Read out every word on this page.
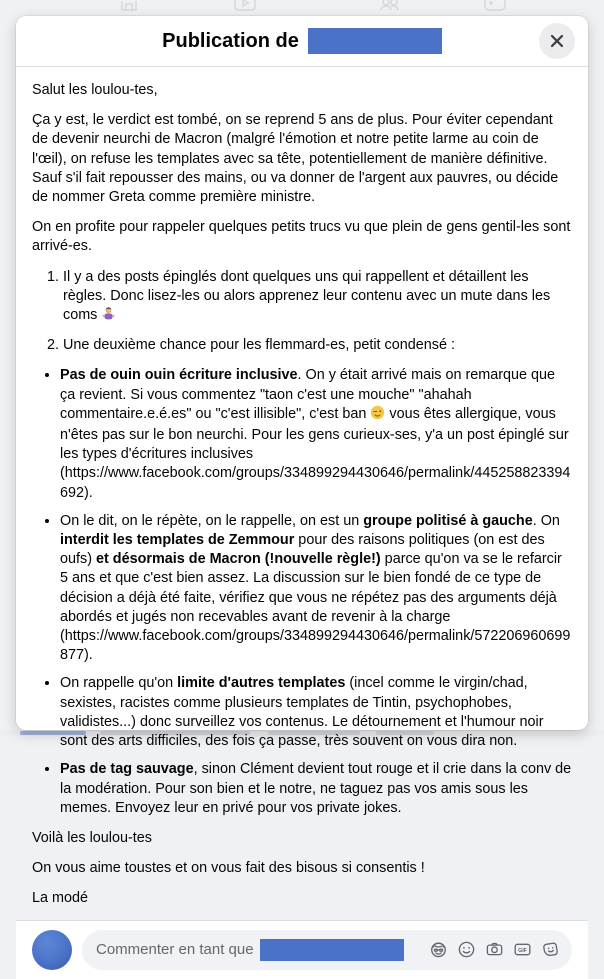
Publication de

Salut les loulou-tes,

Ça y est, le verdict est tombé, on se reprend 5 ans de plus. Pour éviter cependant de devenir neurchi de Macron (malgré l'émotion et notre petite larme au coin de l'œil), on refuse les templates avec sa tête, potentiellement de manière définitive. Sauf s'il fait repousser des mains, ou va donner de l'argent aux pauvres, ou décide de nommer Greta comme première ministre.

On en profite pour rappeler quelques petits trucs vu que plein de gens gentil-les sont arrivé-es.

1. Il y a des posts épinglés dont quelques uns qui rappellent et détaillent les règles. Donc lisez-les ou alors apprenez leur contenu avec un mute dans les coms
2. Une deuxième chance pour les flemmard-es, petit condensé :
• Pas de ouin ouin écriture inclusive. On y était arrivé mais on remarque que ça revient. Si vous commentez "taon c'est une mouche" "ahahah commentaire.e.é.es" ou "c'est illisible", c'est ban  vous êtes allergique, vous n'êtes pas sur le bon neurchi. Pour les gens curieux-ses, y'a un post épinglé sur les types d'écritures inclusives (https://www.facebook.com/groups/334899294430646/permalink/445258823394692).
• On le dit, on le répète, on le rappelle, on est un groupe politisé à gauche. On interdit les templates de Zemmour pour des raisons politiques (on est des oufs) et désormais de Macron (!nouvelle règle!) parce qu'on va se le refarcir 5 ans et que c'est bien assez. La discussion sur le bien fondé de ce type de décision a déjà été faite, vérifiez que vous ne répétez pas des arguments déjà abordés et jugés non recevables avant de revenir à la charge (https://www.facebook.com/groups/334899294430646/permalink/572206960699877).
• On rappelle qu'on limite d'autres templates (incel comme le virgin/chad, sexistes, racistes comme plusieurs templates de Tintin, psychophobes, validistes...) donc surveillez vos contenus. Le détournement et l'humour noir sont des arts difficiles, des fois ça passe, très souvent on vous dira non.
• Pas de tag sauvage, sinon Clément devient tout rouge et il crie dans la conv de la modération. Pour son bien et le notre, ne taguez pas vos amis sous les memes. Envoyez leur en privé pour vos private jokes.

Voilà les loulou-tes

On vous aime toustes et on vous fait des bisous si consentis !

La modé

Commenter en tant que	GIF
